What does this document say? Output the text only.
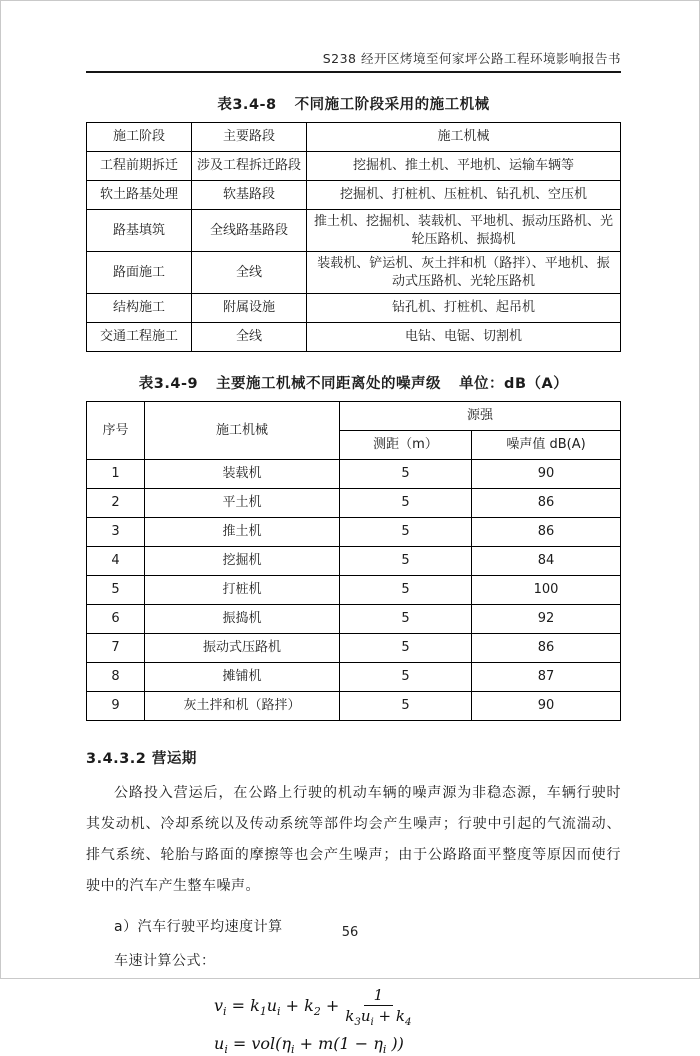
S238 经开区烤境至何家坪公路工程环境影响报告书
表3.4-8 不同施工阶段采用的施工机械
施工阶段	主要路段	施工机械
工程前期拆迁	涉及工程拆迁路段	挖掘机、推土机、平地机、运输车辆等
软土路基处理	软基路段	挖掘机、打桩机、压桩机、钻孔机、空压机
路基填筑	全线路基路段	推土机、挖掘机、装载机、平地机、振动压路机、光轮压路机、振捣机
路面施工	全线	装载机、铲运机、灰土拌和机（路拌）、平地机、振动式压路机、光轮压路机
结构施工	附属设施	钻孔机、打桩机、起吊机
交通工程施工	全线	电钻、电锯、切割机
表3.4-9 主要施工机械不同距离处的噪声级 单位：dB（A）
序号	施工机械	源强	
		测距（m）	噪声值 dB(A)
1	装载机	5	90
2	平土机	5	86
3	推土机	5	86
4	挖掘机	5	84
5	打桩机	5	100
6	振捣机	5	92
7	振动式压路机	5	86
8	摊铺机	5	87
9	灰土拌和机（路拌）	5	90
3.4.3.2 营运期
公路投入营运后，在公路上行驶的机动车辆的噪声源为非稳态源，车辆行驶时其发动机、冷却系统以及传动系统等部件均会产生噪声；行驶中引起的气流湍动、排气系统、轮胎与路面的摩擦等也会产生噪声；由于公路路面平整度等原因而使行驶中的汽车产生整车噪声。
a）汽车行驶平均速度计算
车速计算公式：
$v_i = k_1u_i + k_2 + \frac{1}{k_3u_i + k_4}$
$u_i = vol(\eta_i + m(1 - \eta_i$ ))
56
